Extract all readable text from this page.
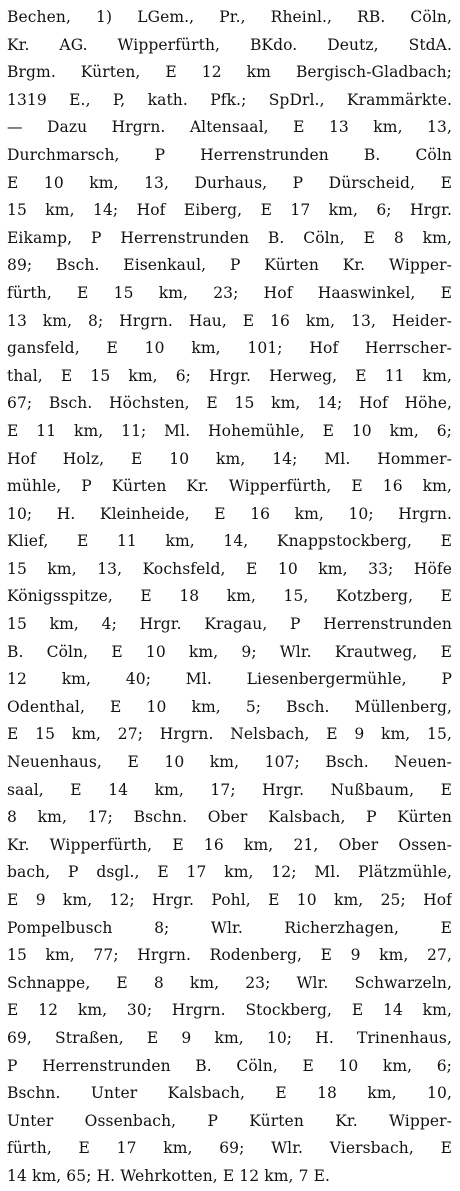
Bechen, 1) LGem., Pr., Rheinl., RB. Cöln,
Kr. AG. Wipperfürth, BKdo. Deutz, StdA.
Brgm. Kürten, E 12 km Bergisch-Gladbach;
1319 E., P, kath. Pfk.; SpDrl., Krammärkte.
— Dazu Hrgrn. Altensaal, E 13 km, 13,
Durchmarsch, P Herrenstrunden B. Cöln
E 10 km, 13, Durhaus, P Dürscheid, E
15 km, 14; Hof Eiberg, E 17 km, 6; Hrgr.
Eikamp, P Herrenstrunden B. Cöln, E 8 km,
89; Bsch. Eisenkaul, P Kürten Kr. Wipper-
fürth, E 15 km, 23; Hof Haaswinkel, E
13 km, 8; Hrgrn. Hau, E 16 km, 13, Heider-
gansfeld, E 10 km, 101; Hof Herrscher-
thal, E 15 km, 6; Hrgr. Herweg, E 11 km,
67; Bsch. Höchsten, E 15 km, 14; Hof Höhe,
E 11 km, 11; Ml. Hohemühle, E 10 km, 6;
Hof Holz, E 10 km, 14; Ml. Hommer-
mühle, P Kürten Kr. Wipperfürth, E 16 km,
10; H. Kleinheide, E 16 km, 10; Hrgrn.
Klief, E 11 km, 14, Knappstockberg, E
15 km, 13, Kochsfeld, E 10 km, 33; Höfe
Königsspitze, E 18 km, 15, Kotzberg, E
15 km, 4; Hrgr. Kragau, P Herrenstrunden
B. Cöln, E 10 km, 9; Wlr. Krautweg, E
12 km, 40; Ml. Liesenbergermühle, P
Odenthal, E 10 km, 5; Bsch. Müllenberg,
E 15 km, 27; Hrgrn. Nelsbach, E 9 km, 15,
Neuenhaus, E 10 km, 107; Bsch. Neuen-
saal, E 14 km, 17; Hrgr. Nußbaum, E
8 km, 17; Bschn. Ober Kalsbach, P Kürten
Kr. Wipperfürth, E 16 km, 21, Ober Ossen-
bach, P dsgl., E 17 km, 12; Ml. Plätzmühle,
E 9 km, 12; Hrgr. Pohl, E 10 km, 25; Hof
Pompelbusch 8; Wlr. Richerzhagen, E
15 km, 77; Hrgrn. Rodenberg, E 9 km, 27,
Schnappe, E 8 km, 23; Wlr. Schwarzeln,
E 12 km, 30; Hrgrn. Stockberg, E 14 km,
69, Straßen, E 9 km, 10; H. Trinenhaus,
P Herrenstrunden B. Cöln, E 10 km, 6;
Bschn. Unter Kalsbach, E 18 km, 10,
Unter Ossenbach, P Kürten Kr. Wipper-
fürth, E 17 km, 69; Wlr. Viersbach, E
14 km, 65; H. Wehrkotten, E 12 km, 7 E.
